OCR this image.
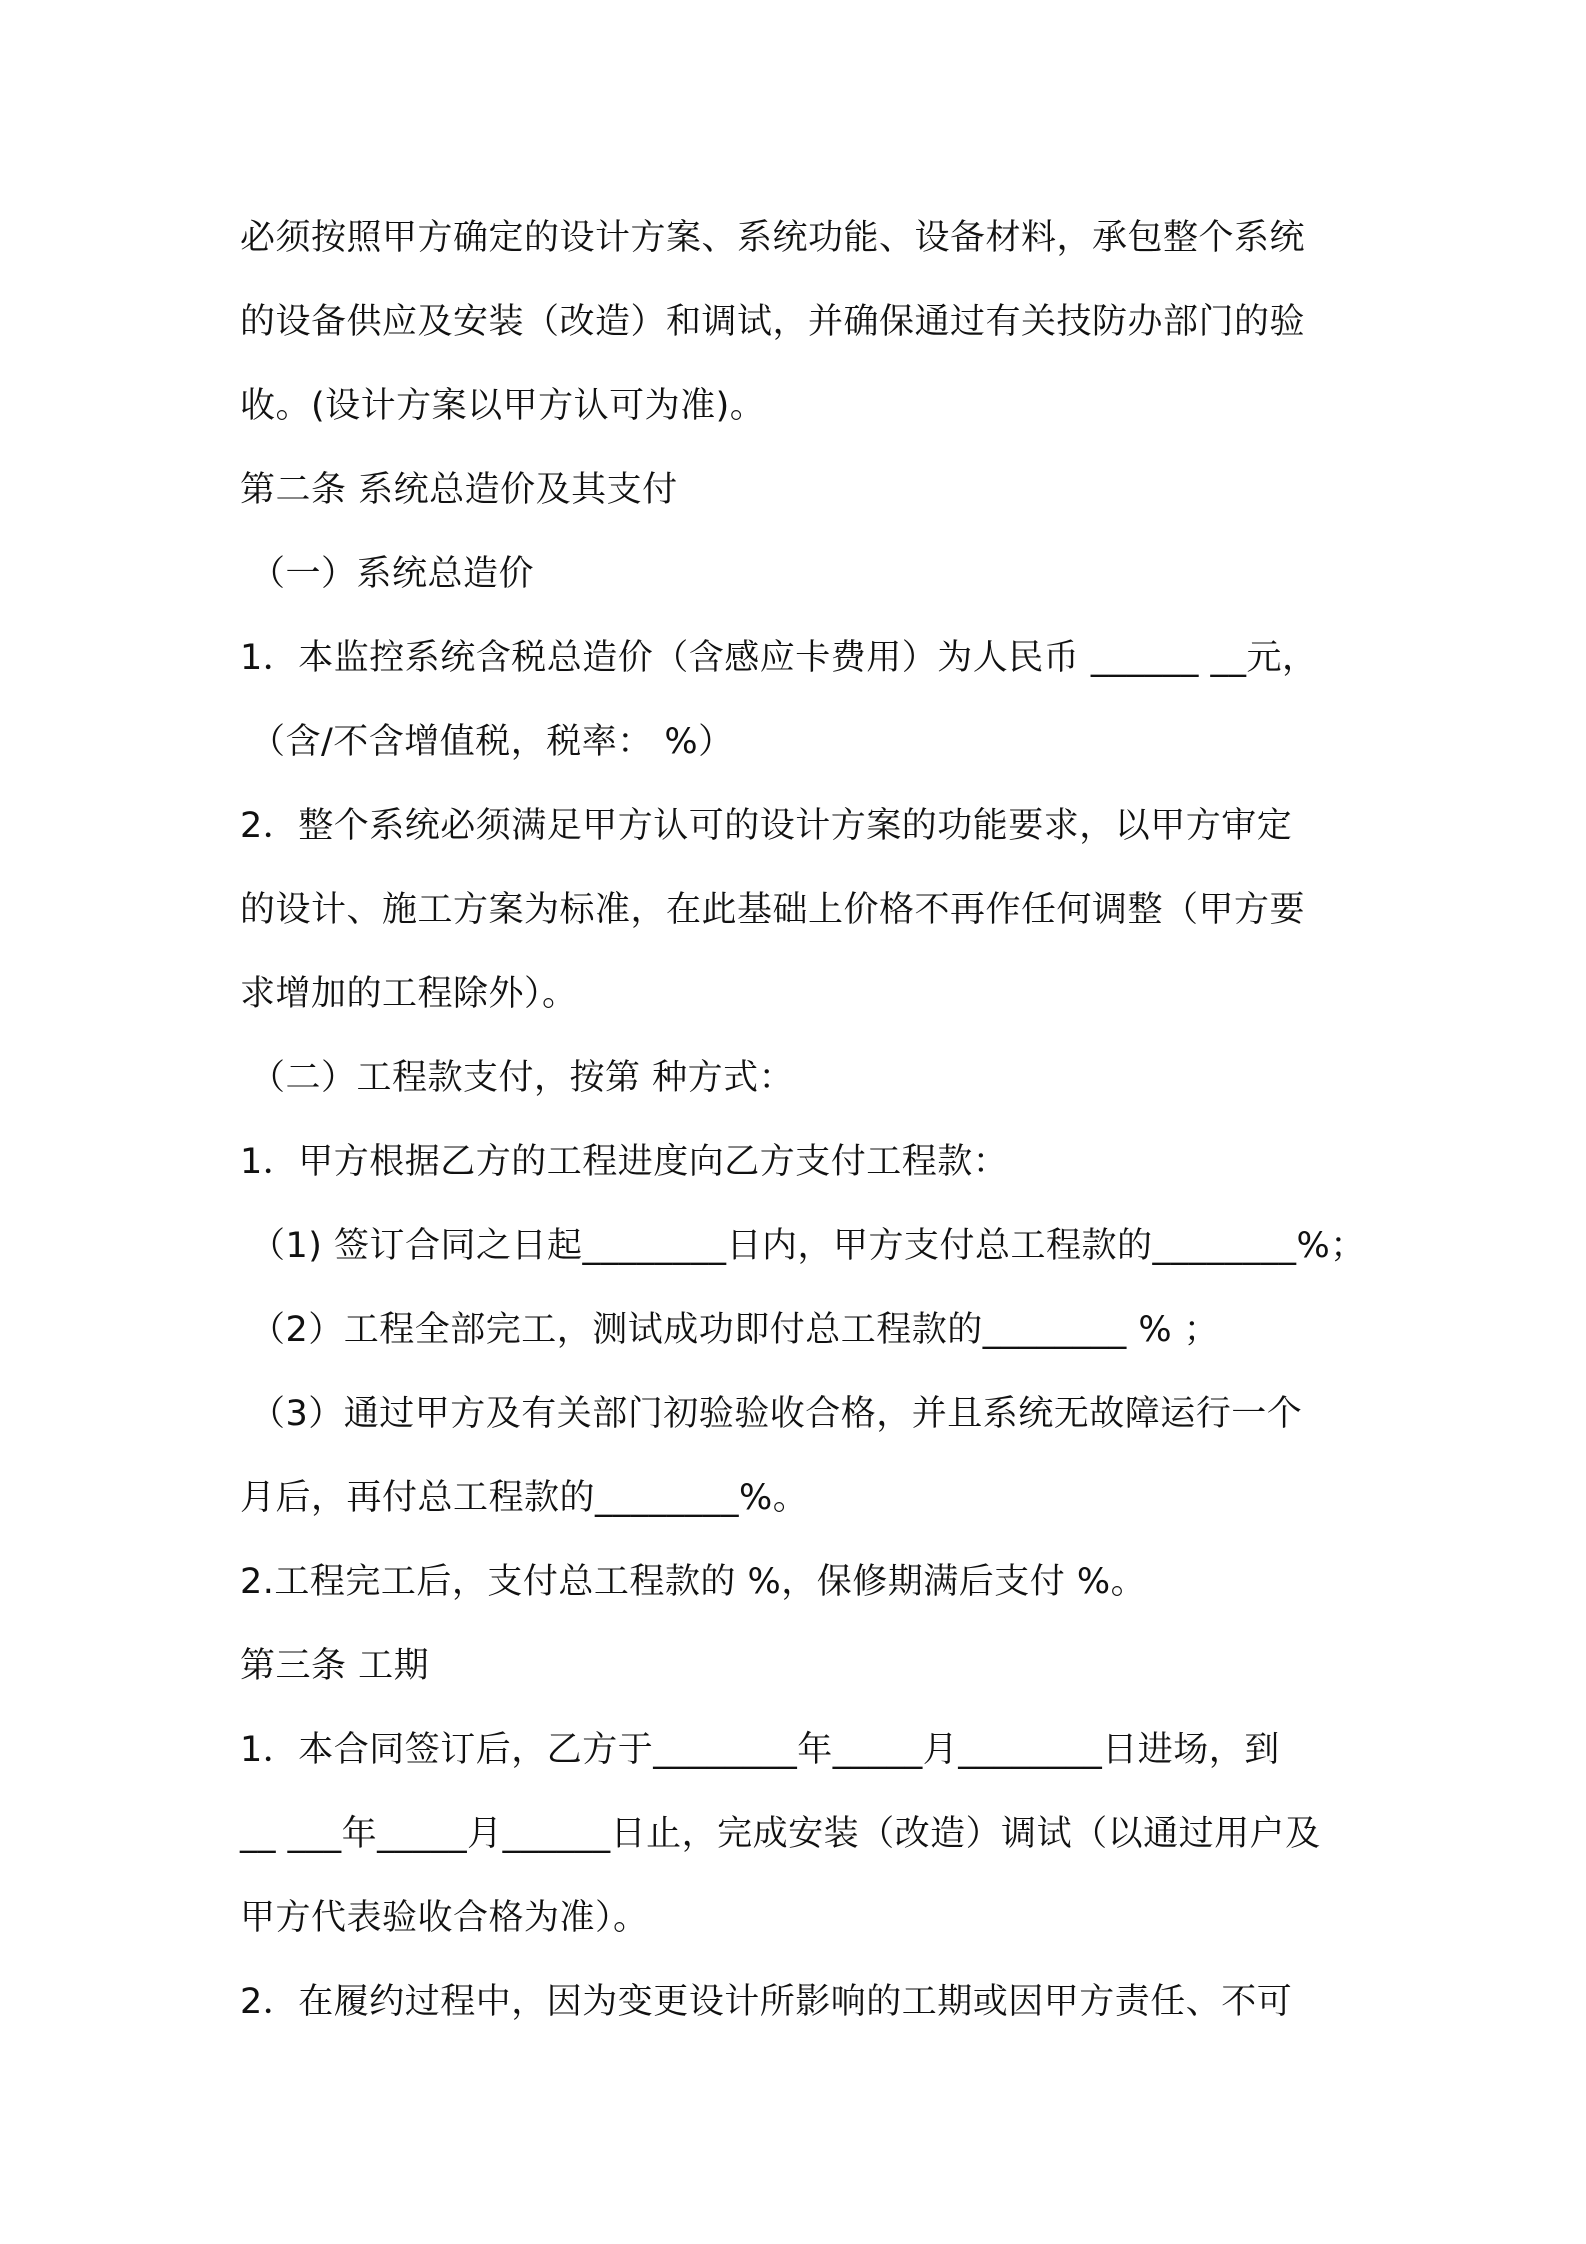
必须按照甲方确定的设计方案、系统功能、设备材料，承包整个系统
的设备供应及安装（改造）和调试，并确保通过有关技防办部门的验
收。(设计方案以甲方认可为准)。
第二条 系统总造价及其支付
（一）系统总造价
1．本监控系统含税总造价（含感应卡费用）为人民币 ______ __元，
（含/不含增值税，税率： %）
2．整个系统必须满足甲方认可的设计方案的功能要求，以甲方审定
的设计、施工方案为标准，在此基础上价格不再作任何调整（甲方要
求增加的工程除外）。
（二）工程款支付，按第 种方式：
1．甲方根据乙方的工程进度向乙方支付工程款：
（1) 签订合同之日起________日内，甲方支付总工程款的________%；
（2）工程全部完工，测试成功即付总工程款的________ % ；
（3）通过甲方及有关部门初验验收合格，并且系统无故障运行一个
月后，再付总工程款的________%。
2.工程完工后，支付总工程款的 %，保修期满后支付 %。
第三条 工期
1．本合同签订后，乙方于________年_____月________日进场，到
__ ___年_____月______日止，完成安装（改造）调试（以通过用户及
甲方代表验收合格为准）。
2．在履约过程中，因为变更设计所影响的工期或因甲方责任、不可
